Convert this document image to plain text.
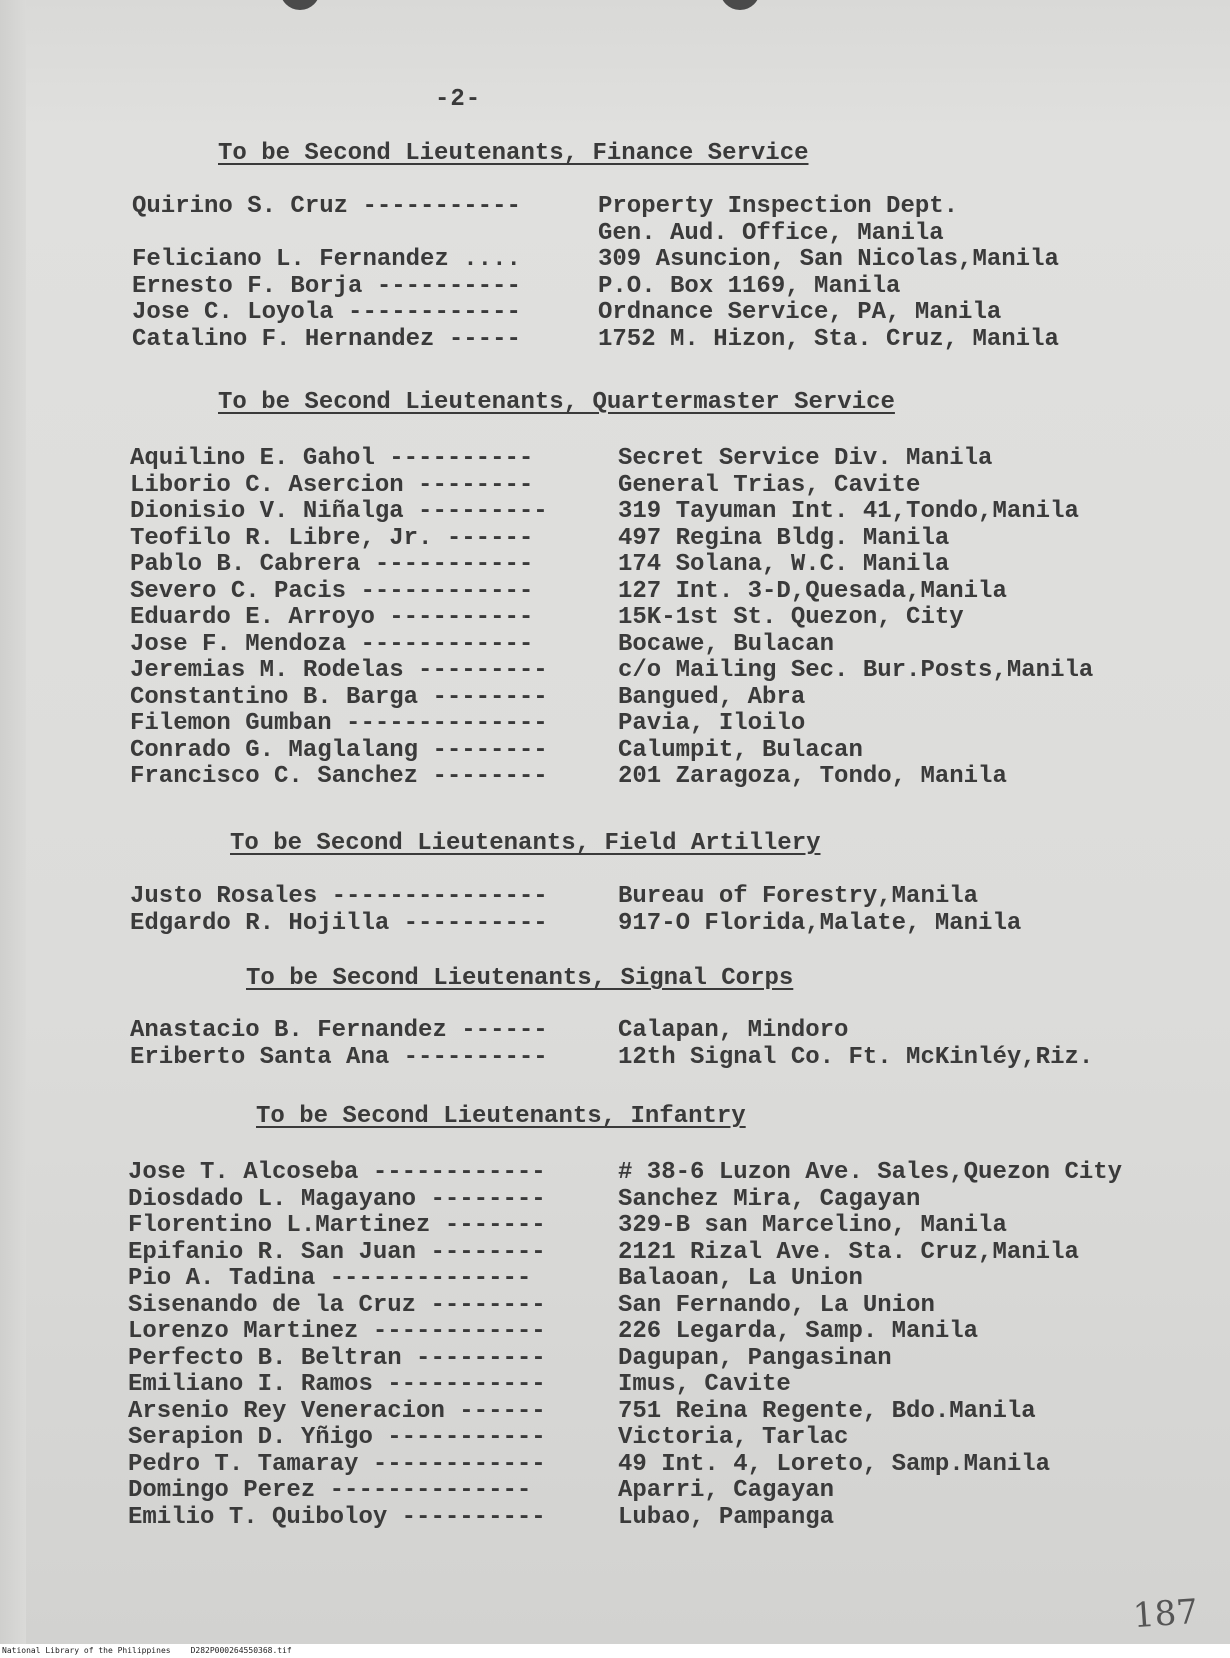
-2-
To be Second Lieutenants, Finance Service
Quirino S. Cruz -----------	Property Inspection Dept.
Gen. Aud. Office, Manila
Feliciano L. Fernandez ....	309 Asuncion, San Nicolas,Manila
Ernesto F. Borja ----------	P.O. Box 1169, Manila
Jose C. Loyola ------------	Ordnance Service, PA, Manila
Catalino F. Hernandez -----	1752 M. Hizon, Sta. Cruz, Manila
To be Second Lieutenants, Quartermaster Service
Aquilino E. Gahol ----------	Secret Service Div. Manila
Liborio C. Asercion --------	General Trias, Cavite
Dionisio V. Niñalga ---------	319 Tayuman Int. 41,Tondo,Manila
Teofilo R. Libre, Jr. ------	497 Regina Bldg. Manila
Pablo B. Cabrera -----------	174 Solana, W.C. Manila
Severo C. Pacis ------------	127 Int. 3-D,Quesada,Manila
Eduardo E. Arroyo ----------	15K-1st St. Quezon, City
Jose F. Mendoza ------------	Bocawe, Bulacan
Jeremias M. Rodelas ---------	c/o Mailing Sec. Bur.Posts,Manila
Constantino B. Barga --------	Bangued, Abra
Filemon Gumban --------------	Pavia, Iloilo
Conrado G. Maglalang --------	Calumpit, Bulacan
Francisco C. Sanchez --------	201 Zaragoza, Tondo, Manila
To be Second Lieutenants, Field Artillery
Justo Rosales ---------------	Bureau of Forestry,Manila
Edgardo R. Hojilla ----------	917-O Florida,Malate, Manila
To be Second Lieutenants, Signal Corps
Anastacio B. Fernandez ------	Calapan, Mindoro
Eriberto Santa Ana ----------	12th Signal Co. Ft. McKinléy,Riz.
To be Second Lieutenants, Infantry
Jose T. Alcoseba ------------	# 38-6 Luzon Ave. Sales,Quezon City
Diosdado L. Magayano --------	Sanchez Mira, Cagayan
Florentino L.Martinez -------	329-B san Marcelino, Manila
Epifanio R. San Juan --------	2121 Rizal Ave. Sta. Cruz,Manila
Pio A. Tadina --------------	Balaoan, La Union
Sisenando de la Cruz --------	San Fernando, La Union
Lorenzo Martinez ------------	226 Legarda, Samp. Manila
Perfecto B. Beltran ---------	Dagupan, Pangasinan
Emiliano I. Ramos -----------	Imus, Cavite
Arsenio Rey Veneracion ------	751 Reina Regente, Bdo.Manila
Serapion D. Yñigo -----------	Victoria, Tarlac
Pedro T. Tamaray ------------	49 Int. 4, Loreto, Samp.Manila
Domingo Perez --------------	Aparri, Cagayan
Emilio T. Quiboloy ----------	Lubao, Pampanga
187
National Library of the Philippines	D282P000264550368.tif
